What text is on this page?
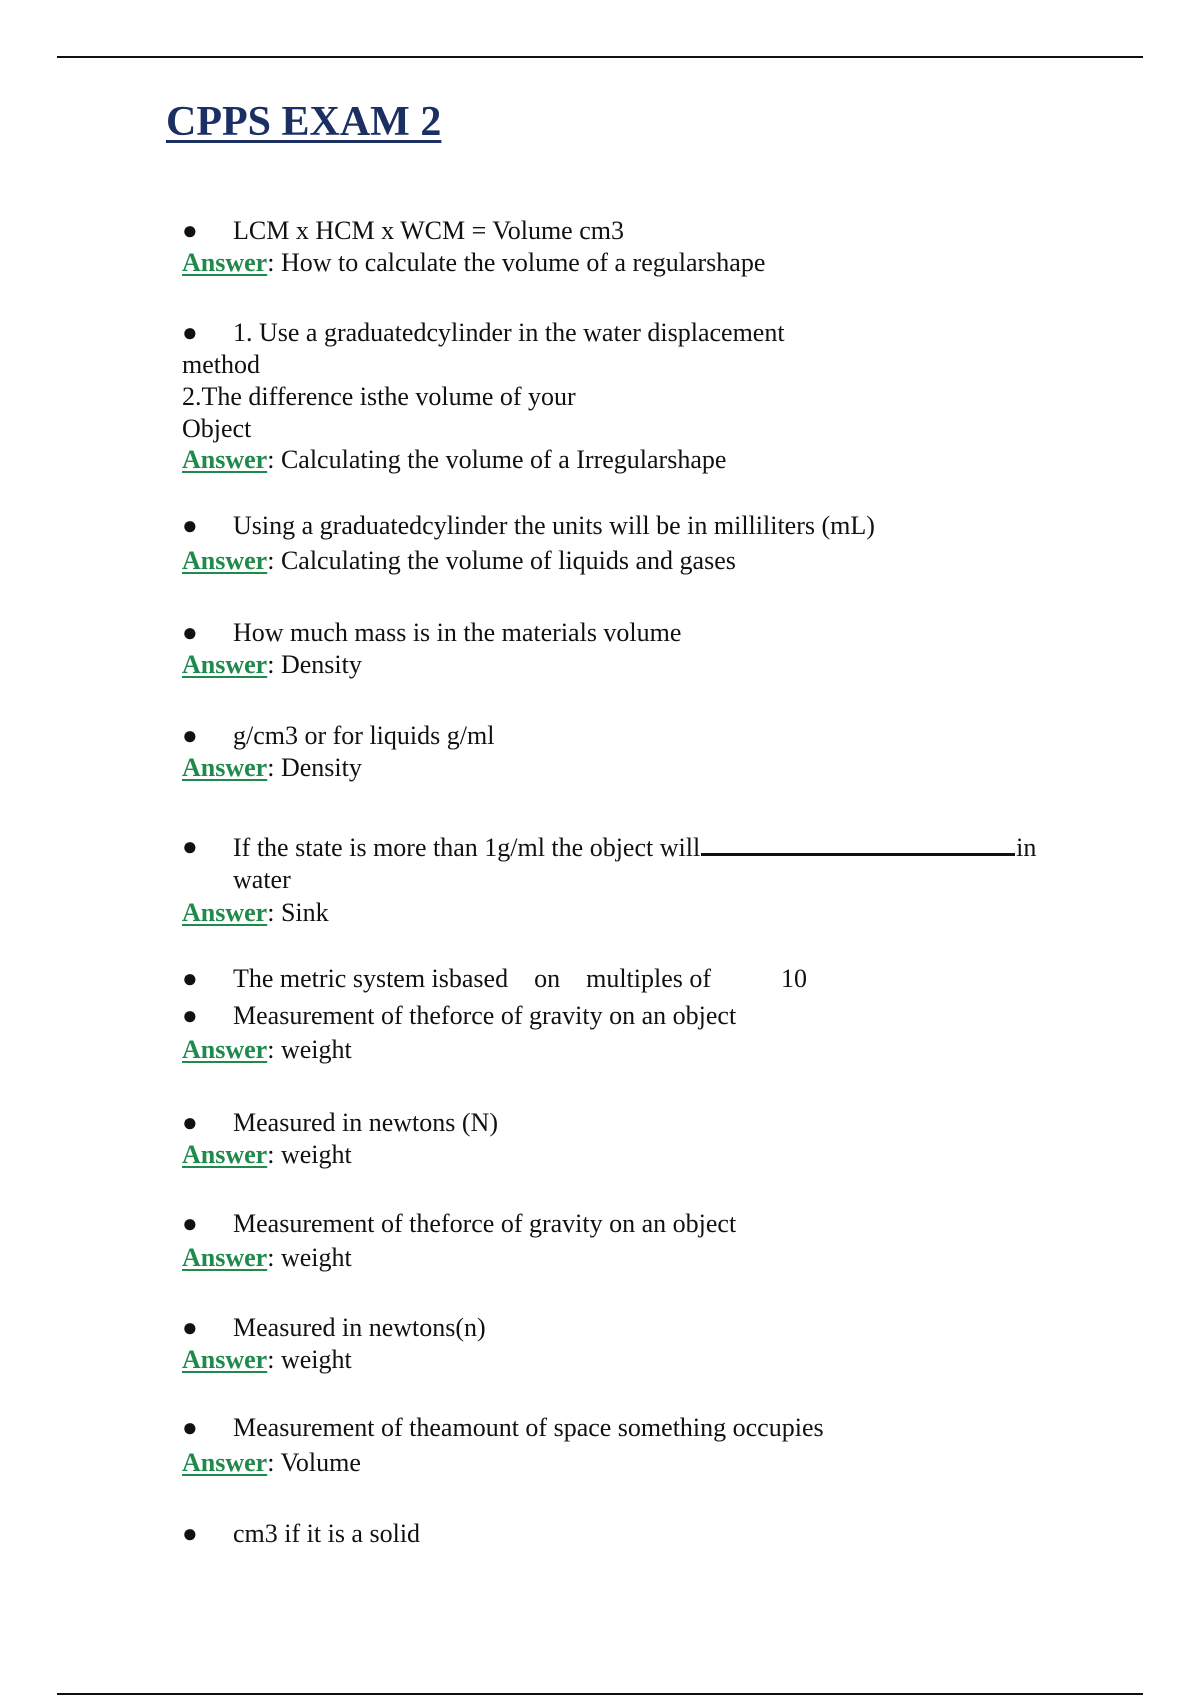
CPPS EXAM 2
●	LCM x HCM x WCM = Volume cm3
Answer: How to calculate the volume of a regularshape
●	1. Use a graduatedcylinder in the water displacement
method
2.The difference isthe volume of your
Object
Answer: Calculating the volume of a Irregularshape
●	Using a graduatedcylinder the units will be in milliliters (mL)
Answer: Calculating the volume of liquids and gases
●	How much mass is in the materials volume
Answer: Density
●	g/cm3 or for liquids g/ml
Answer: Density
●	If the state is more than 1g/ml the object will	in
water
Answer: Sink
●	The metric system isbased on multiples of	10
●	Measurement of theforce of gravity on an object
Answer: weight
●	Measured in newtons (N)
Answer: weight
●	Measurement of theforce of gravity on an object
Answer: weight
●	Measured in newtons(n)
Answer: weight
●	Measurement of theamount of space something occupies
Answer: Volume
●	cm3 if it is a solid
